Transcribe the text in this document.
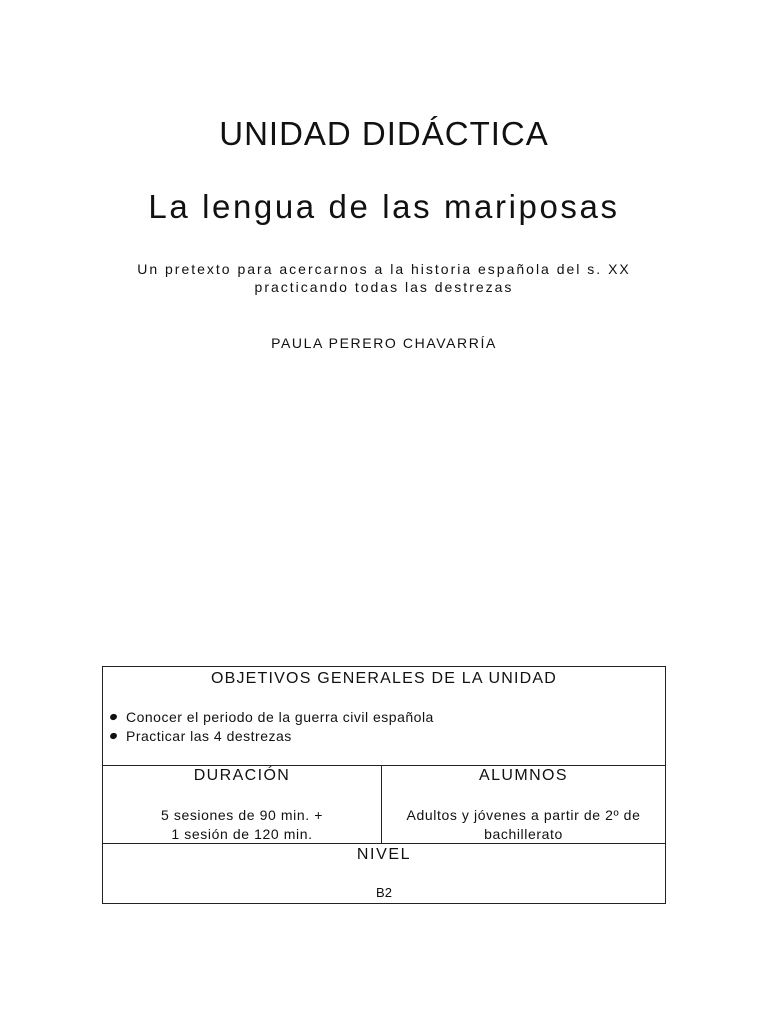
UNIDAD DIDÁCTICA
La lengua de las mariposas
Un pretexto para acercarnos a la historia española del s. XX
practicando todas las destrezas
PAULA PERERO CHAVARRÍA
OBJETIVOS GENERALES DE LA UNIDAD
Conocer el periodo de la guerra civil española
Practicar las 4 destrezas
DURACIÓN
5 sesiones de 90 min. +
1 sesión de 120 min.
ALUMNOS
Adultos y jóvenes a partir de 2º de
bachillerato
NIVEL
B2
